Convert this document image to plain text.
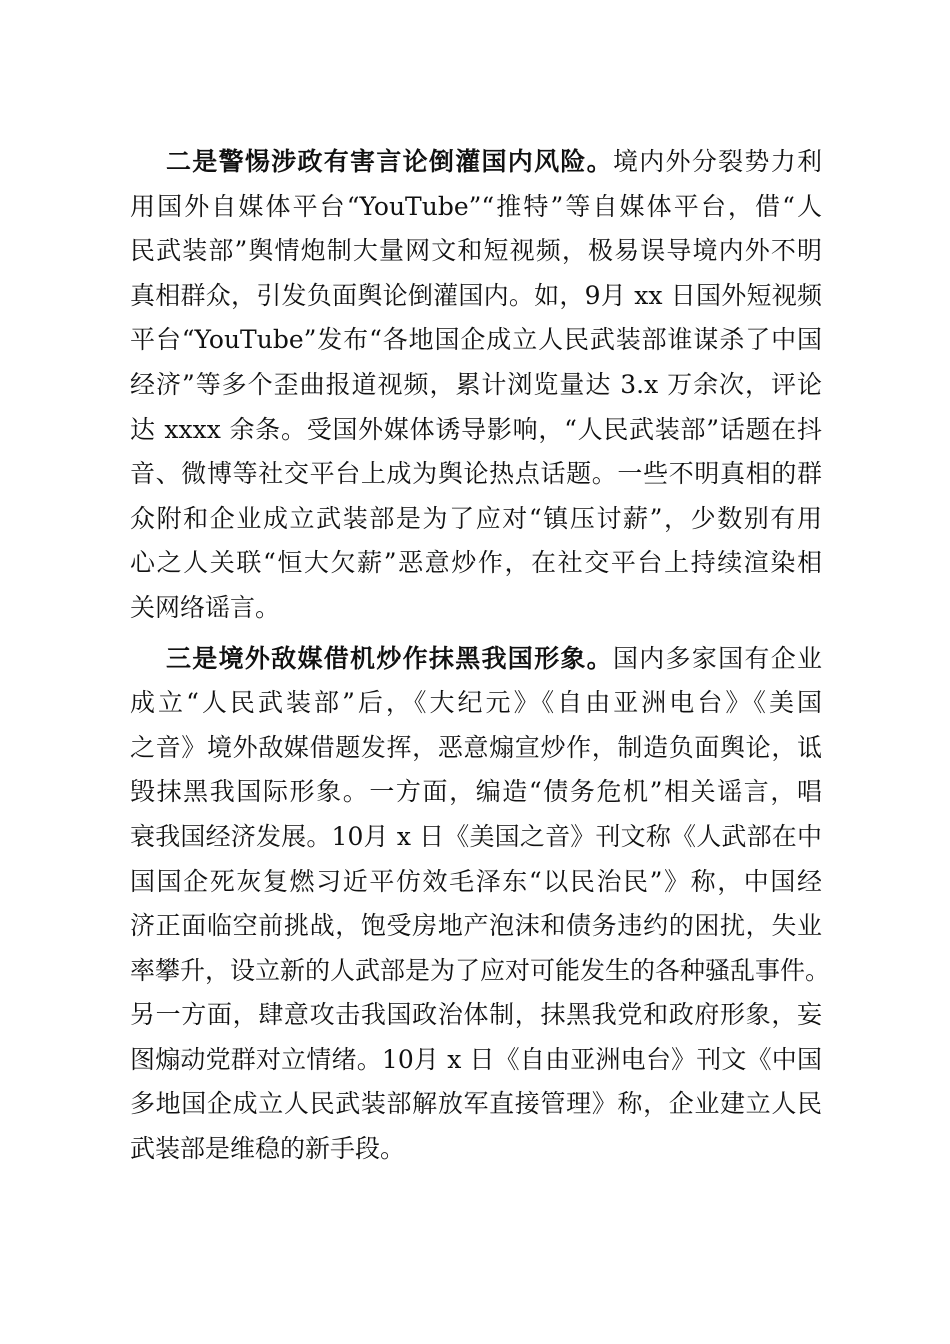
二是警惕涉政有害言论倒灌国内风险。境内外分裂势力利
用国外自媒体平台“YouTube”“推特”等自媒体平台，借“人
民武装部”舆情炮制大量网文和短视频，极易误导境内外不明
真相群众，引发负面舆论倒灌国内。如，9月 xx 日国外短视频
平台“YouTube”发布“各地国企成立人民武装部谁谋杀了中国
经济”等多个歪曲报道视频，累计浏览量达 3.x 万余次，评论
达 xxxx 余条。受国外媒体诱导影响，“人民武装部”话题在抖
音、微博等社交平台上成为舆论热点话题。一些不明真相的群
众附和企业成立武装部是为了应对“镇压讨薪”，少数别有用
心之人关联“恒大欠薪”恶意炒作，在社交平台上持续渲染相
关网络谣言。
三是境外敌媒借机炒作抹黑我国形象。国内多家国有企业
成立“人民武装部”后，《大纪元》《自由亚洲电台》《美国
之音》境外敌媒借题发挥，恶意煽宣炒作，制造负面舆论，诋
毁抹黑我国际形象。一方面，编造“债务危机”相关谣言，唱
衰我国经济发展。10月 x 日《美国之音》刊文称《人武部在中
国国企死灰复燃习近平仿效毛泽东“以民治民”》称，中国经
济正面临空前挑战，饱受房地产泡沫和债务违约的困扰，失业
率攀升，设立新的人武部是为了应对可能发生的各种骚乱事件。
另一方面，肆意攻击我国政治体制，抹黑我党和政府形象，妄
图煽动党群对立情绪。10月 x 日《自由亚洲电台》刊文《中国
多地国企成立人民武装部解放军直接管理》称，企业建立人民
武装部是维稳的新手段。
